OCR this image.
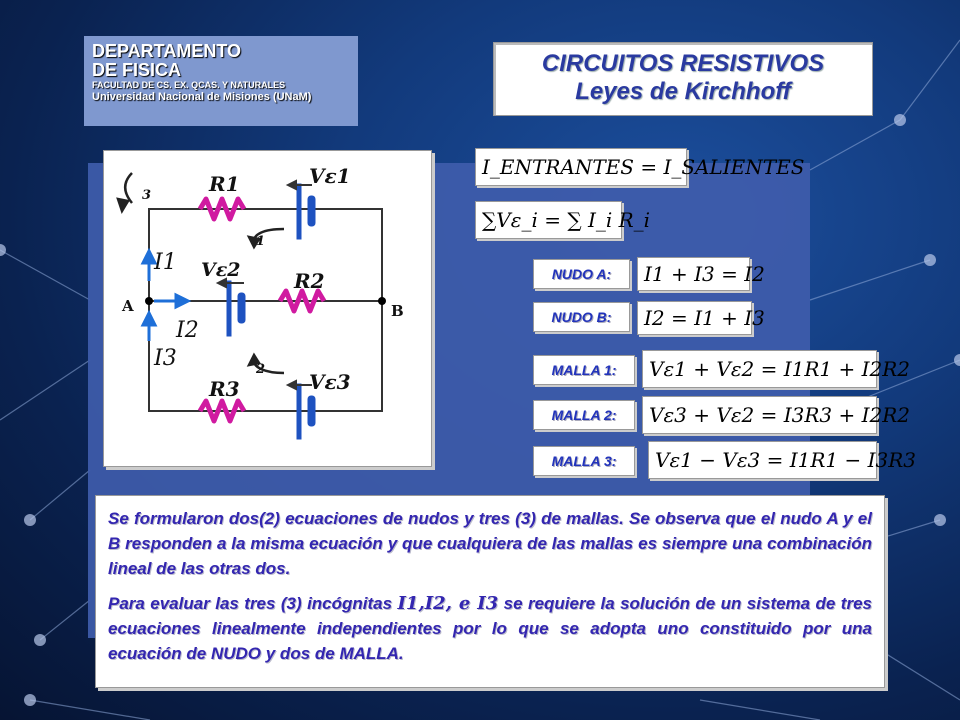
DEPARTAMENTO
DE FISICA
FACULTAD DE CS. EX. QCAS. Y NATURALES
Universidad Nacional de Misiones (UNaM)
CIRCUITOS RESISTIVOS
Leyes de Kirchhoff
R1	Vε1
R2
Vε2
R3	Vε3
I1
I2
I3
A	B
1
2
3
I_ENTRANTES = I_SALIENTES
∑Vε_i = ∑ I_i R_i
NUDO A:	I1 + I3 = I2
NUDO B:	I2 = I1 + I3
MALLA 1:	Vε1 + Vε2 = I1R1 + I2R2
MALLA 2:	Vε3 + Vε2 = I3R3 + I2R2
MALLA 3:	Vε1 − Vε3 = I1R1 − I3R3

Se formularon dos(2) ecuaciones de nudos y tres (3) de mallas. Se observa que el nudo A y el B responden a la misma ecuación y que cualquiera de las mallas es siempre una combinación lineal de las otras dos.

Para evaluar las tres (3) incógnitas I1,I2, e I3 se requiere la solución de un sistema de tres ecuaciones linealmente independientes por lo que se adopta uno constituido por una ecuación de NUDO y dos de MALLA.
